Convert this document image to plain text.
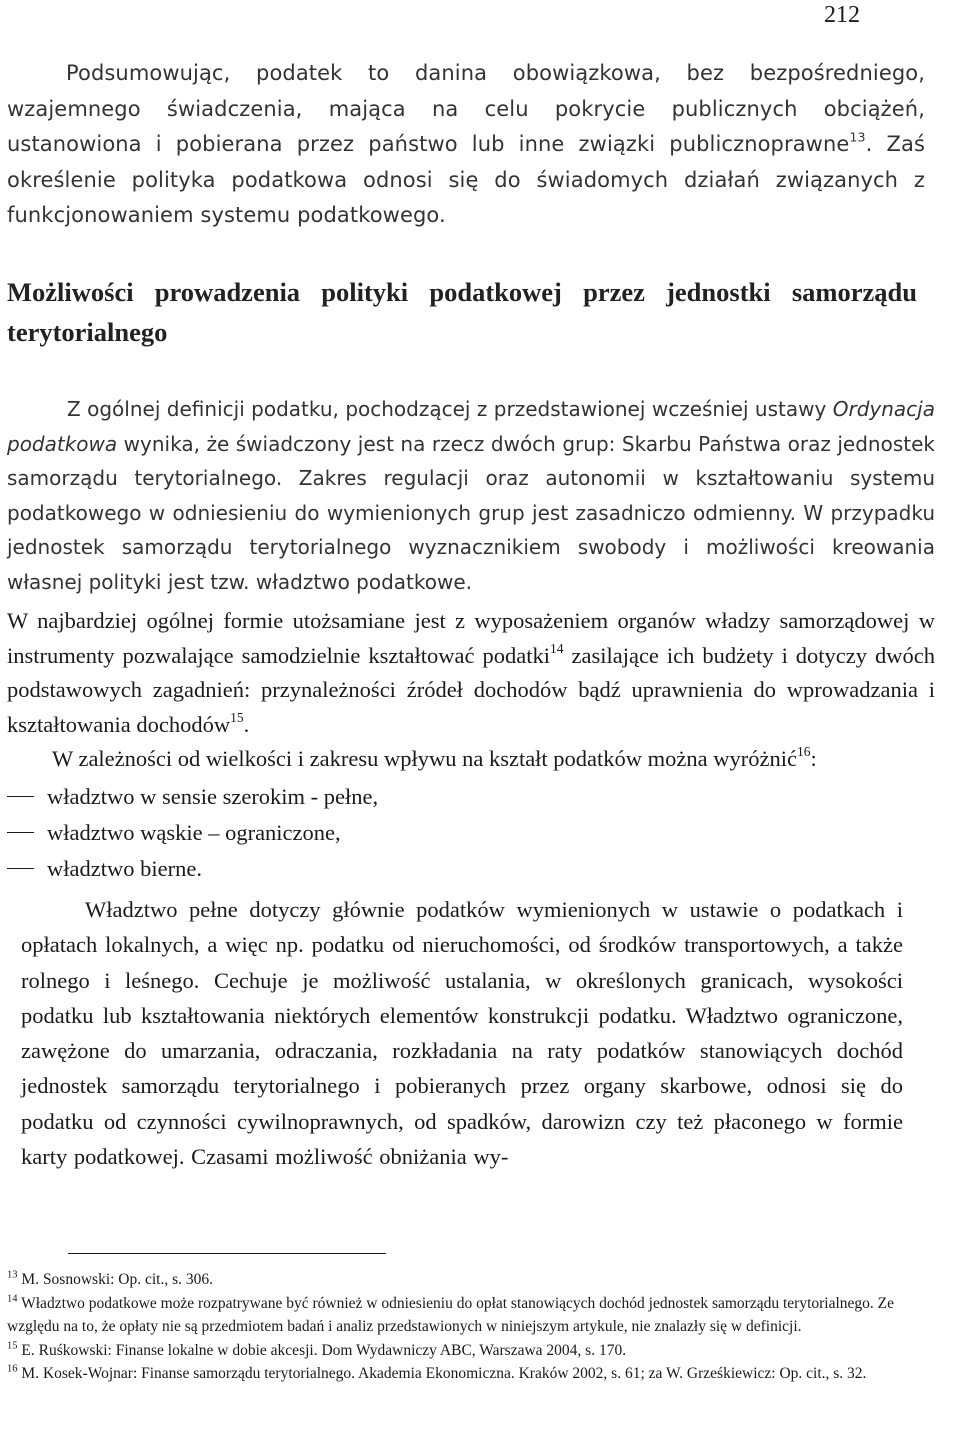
212

Podsumowując, podatek to danina obowiązkowa, bez bezpośredniego, wzajemnego świadczenia, mająca na celu pokrycie publicznych obciążeń, ustanowiona i pobierana przez państwo lub inne związki publicznoprawne$^{13}$. Zaś określenie polityka podatkowa odnosi się do świadomych działań związanych z funkcjonowaniem systemu podatkowego.

Możliwości prowadzenia polityki podatkowej przez jednostki samorządu terytorialnego

Z ogólnej definicji podatku, pochodzącej z przedstawionej wcześniej ustawy Ordynacja podatkowa wynika, że świadczony jest na rzecz dwóch grup: Skarbu Państwa oraz jednostek samorządu terytorialnego. Zakres regulacji oraz autonomii w kształtowaniu systemu podatkowego w odniesieniu do wymienionych grup jest zasadniczo odmienny. W przypadku jednostek samorządu terytorialnego wyznacznikiem swobody i możliwości kreowania własnej polityki jest tzw. władztwo podatkowe.

W najbardziej ogólnej formie utożsamiane jest z wyposażeniem organów władzy samorządowej w instrumenty pozwalające samodzielnie kształtować podatki$^{14}$ zasilające ich budżety i dotyczy dwóch podstawowych zagadnień: przynależności źródeł dochodów bądź uprawnienia do wprowadzania i kształtowania dochodów$^{15}$.

W zależności od wielkości i zakresu wpływu na kształt podatków można wyróżnić$^{16}$:

władztwo w sensie szerokim - pełne,
władztwo wąskie – ograniczone,
władztwo bierne.

Władztwo pełne dotyczy głównie podatków wymienionych w ustawie o podatkach i opłatach lokalnych, a więc np. podatku od nieruchomości, od środków transportowych, a także rolnego i leśnego. Cechuje je możliwość ustalania, w określonych granicach, wysokości podatku lub kształtowania niektórych elementów konstrukcji podatku. Władztwo ograniczone, zawężone do umarzania, odraczania, rozkładania na raty podatków stanowiących dochód jednostek samorządu terytorialnego i pobieranych przez organy skarbowe, odnosi się do podatku od czynności cywilnoprawnych, od spadków, darowizn czy też płaconego w formie karty podatkowej. Czasami możliwość obniżania wy-

$^{13}$ M. Sosnowski: Op. cit., s. 306.

$^{14}$ Władztwo podatkowe może rozpatrywane być również w odniesieniu do opłat stanowiących dochód jednostek samorządu terytorialnego. Ze względu na to, że opłaty nie są przedmiotem badań i analiz przedstawionych w niniejszym artykule, nie znalazły się w definicji.

$^{15}$ E. Ruśkowski: Finanse lokalne w dobie akcesji. Dom Wydawniczy ABC, Warszawa 2004, s. 170.

$^{16}$ M. Kosek-Wojnar: Finanse samorządu terytorialnego. Akademia Ekonomiczna. Kraków 2002, s. 61; za W. Grześkiewicz: Op. cit., s. 32.
